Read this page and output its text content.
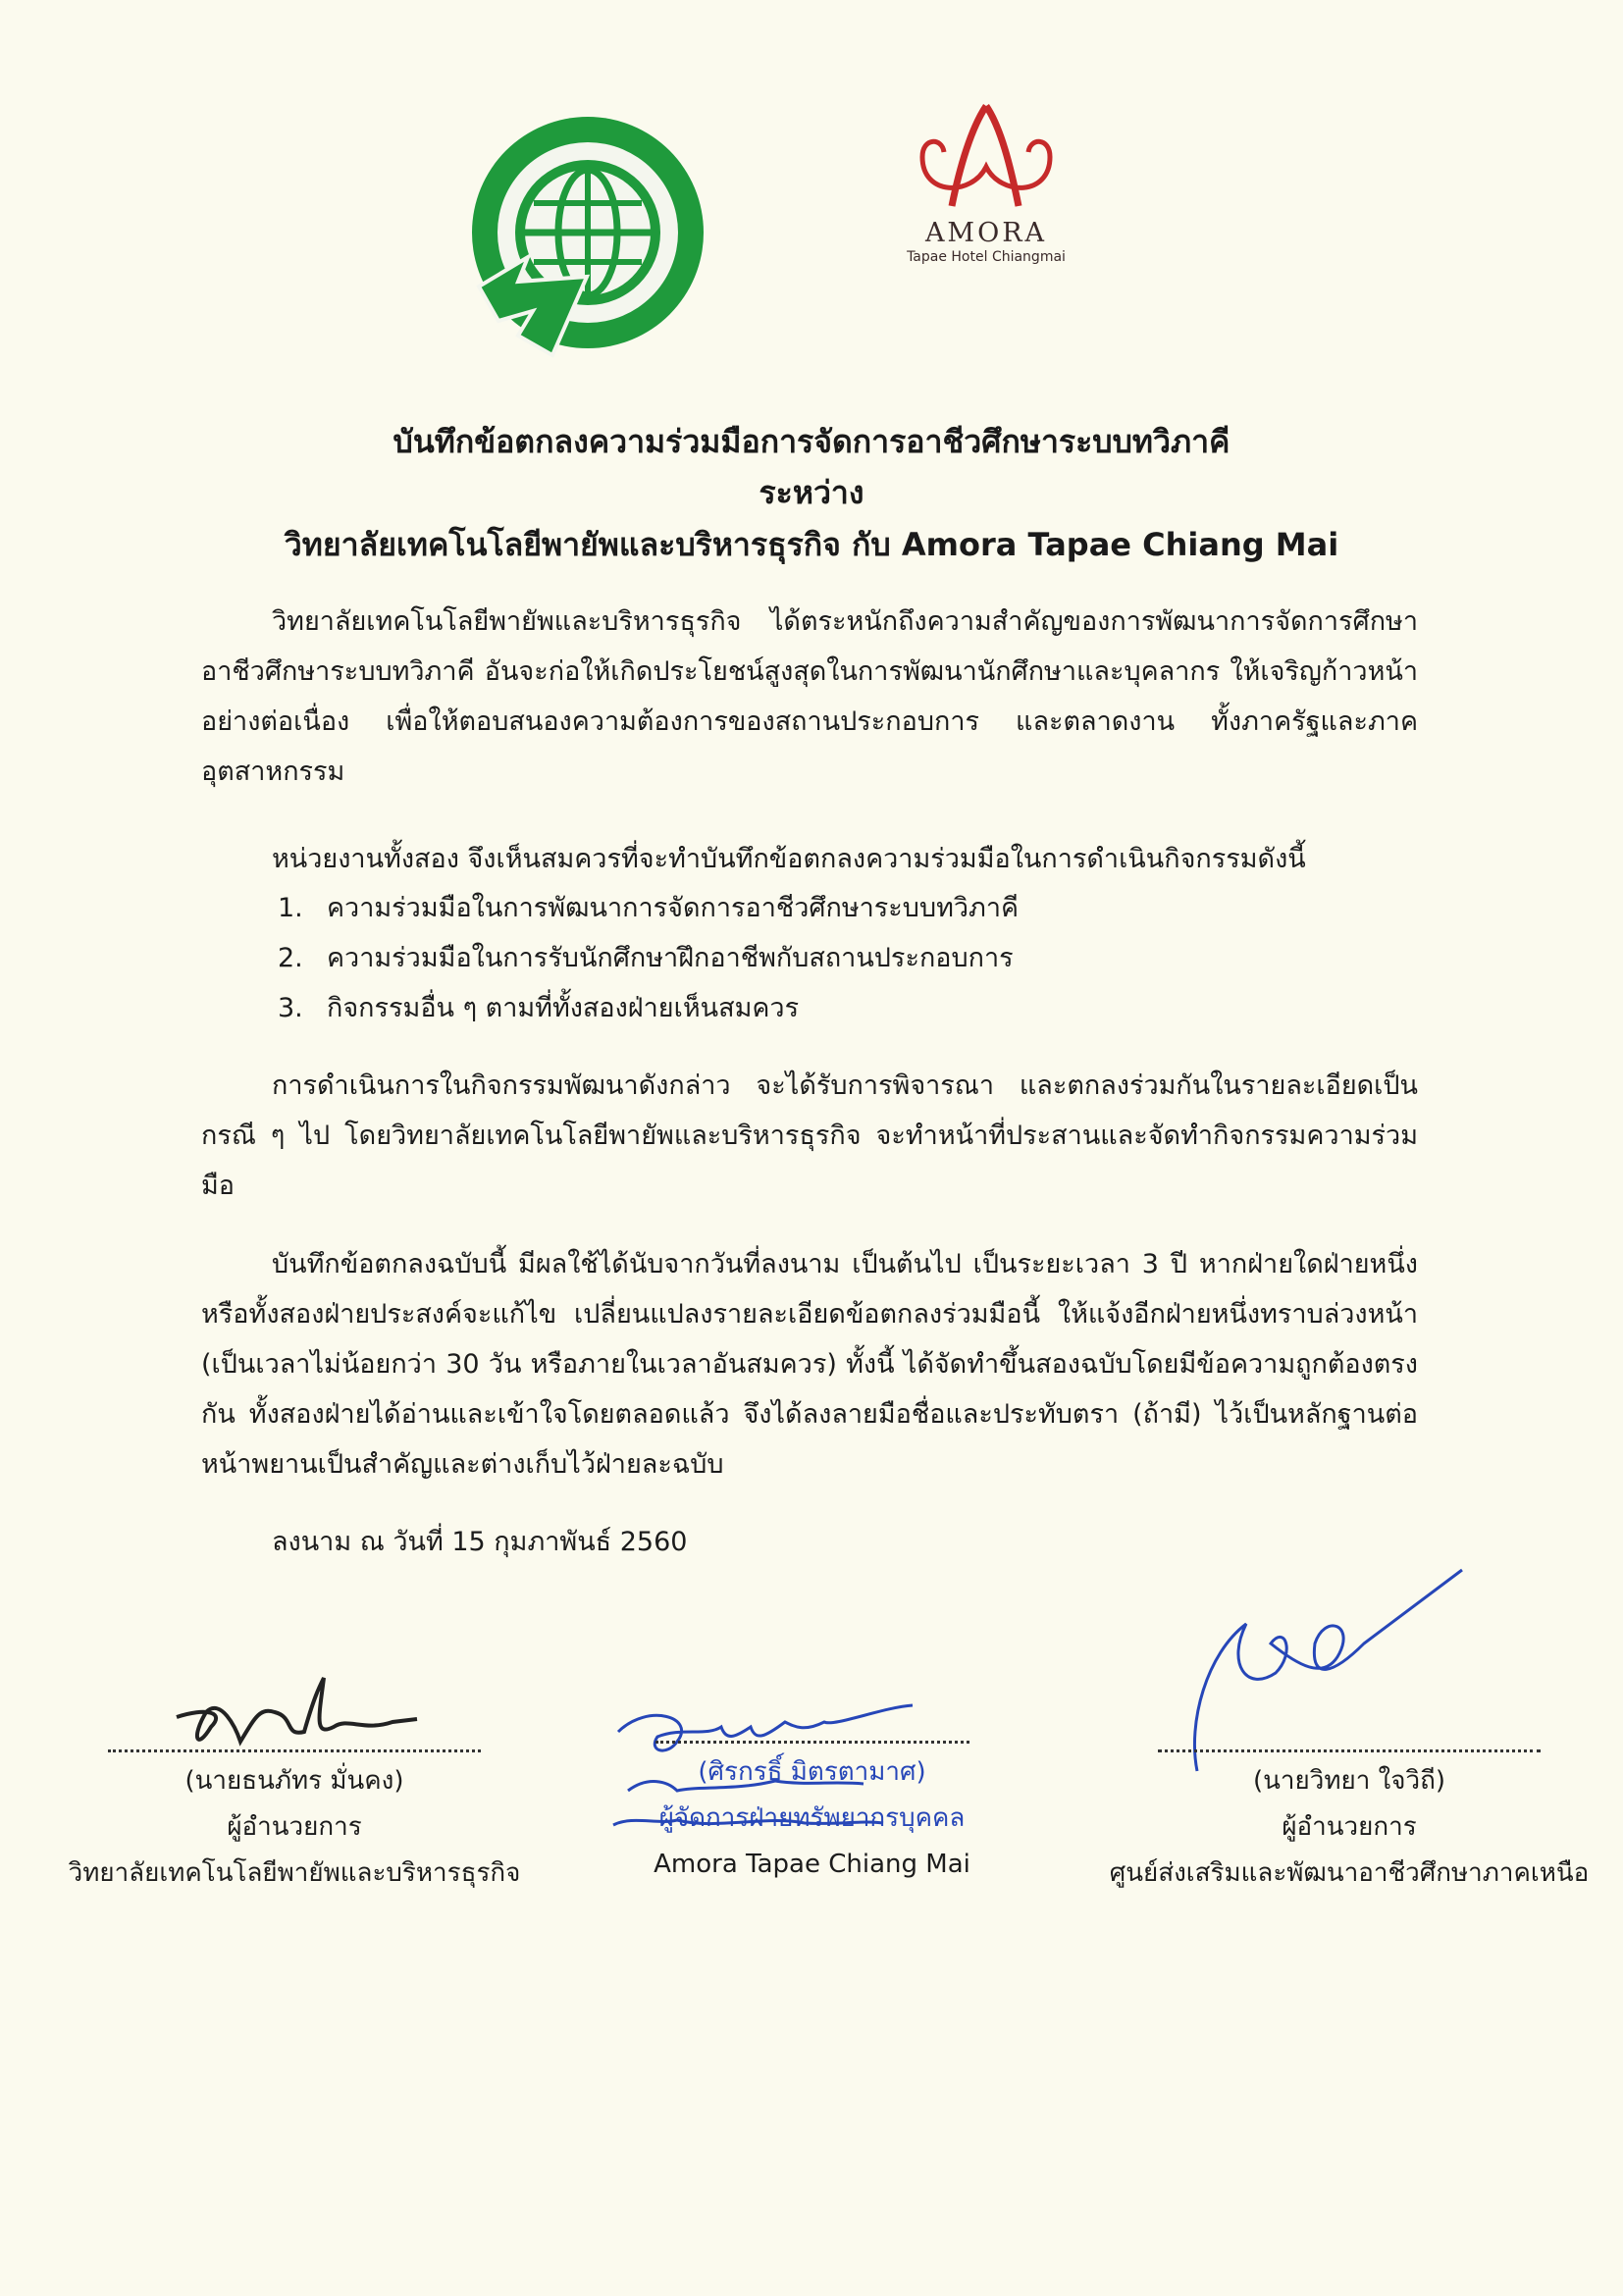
AMORA
Tapae Hotel Chiangmai
บันทึกข้อตกลงความร่วมมือการจัดการอาชีวศึกษาระบบทวิภาคี
ระหว่าง
วิทยาลัยเทคโนโลยีพายัพและบริหารธุรกิจ กับ Amora Tapae Chiang Mai
วิทยาลัยเทคโนโลยีพายัพและบริหารธุรกิจ ได้ตระหนักถึงความสำคัญของการพัฒนาการจัดการศึกษาอาชีวศึกษาระบบทวิภาคี อันจะก่อให้เกิดประโยชน์สูงสุดในการพัฒนานักศึกษาและบุคลากร ให้เจริญก้าวหน้าอย่างต่อเนื่อง เพื่อให้ตอบสนองความต้องการของสถานประกอบการ และตลาดงาน ทั้งภาครัฐและภาคอุตสาหกรรม
หน่วยงานทั้งสอง จึงเห็นสมควรที่จะทำบันทึกข้อตกลงความร่วมมือในการดำเนินกิจกรรมดังนี้
1. ความร่วมมือในการพัฒนาการจัดการอาชีวศึกษาระบบทวิภาคี
2. ความร่วมมือในการรับนักศึกษาฝึกอาชีพกับสถานประกอบการ
3. กิจกรรมอื่น ๆ ตามที่ทั้งสองฝ่ายเห็นสมควร
การดำเนินการในกิจกรรมพัฒนาดังกล่าว จะได้รับการพิจารณา และตกลงร่วมกันในรายละเอียดเป็นกรณี ๆ ไป โดยวิทยาลัยเทคโนโลยีพายัพและบริหารธุรกิจ จะทำหน้าที่ประสานและจัดทำกิจกรรมความร่วมมือ
บันทึกข้อตกลงฉบับนี้ มีผลใช้ได้นับจากวันที่ลงนาม เป็นต้นไป เป็นระยะเวลา 3 ปี หากฝ่ายใดฝ่ายหนึ่ง หรือทั้งสองฝ่ายประสงค์จะแก้ไข เปลี่ยนแปลงรายละเอียดข้อตกลงร่วมมือนี้ ให้แจ้งอีกฝ่ายหนึ่งทราบล่วงหน้า (เป็นเวลาไม่น้อยกว่า 30 วัน หรือภายในเวลาอันสมควร) ทั้งนี้ ได้จัดทำขึ้นสองฉบับโดยมีข้อความถูกต้องตรงกัน ทั้งสองฝ่ายได้อ่านและเข้าใจโดยตลอดแล้ว จึงได้ลงลายมือชื่อและประทับตรา (ถ้ามี) ไว้เป็นหลักฐานต่อหน้าพยานเป็นสำคัญและต่างเก็บไว้ฝ่ายละฉบับ
ลงนาม ณ วันที่ 15 กุมภาพันธ์ 2560
(นายธนภัทร มั่นคง)
ผู้อำนวยการ
วิทยาลัยเทคโนโลยีพายัพและบริหารธุรกิจ
(ศิรกรธิ์ มิตรตามาศ)
ผู้จัดการฝ่ายทรัพยากรบุคคล
Amora Tapae Chiang Mai
(นายวิทยา ใจวิถี)
ผู้อำนวยการ
ศูนย์ส่งเสริมและพัฒนาอาชีวศึกษาภาคเหนือ
